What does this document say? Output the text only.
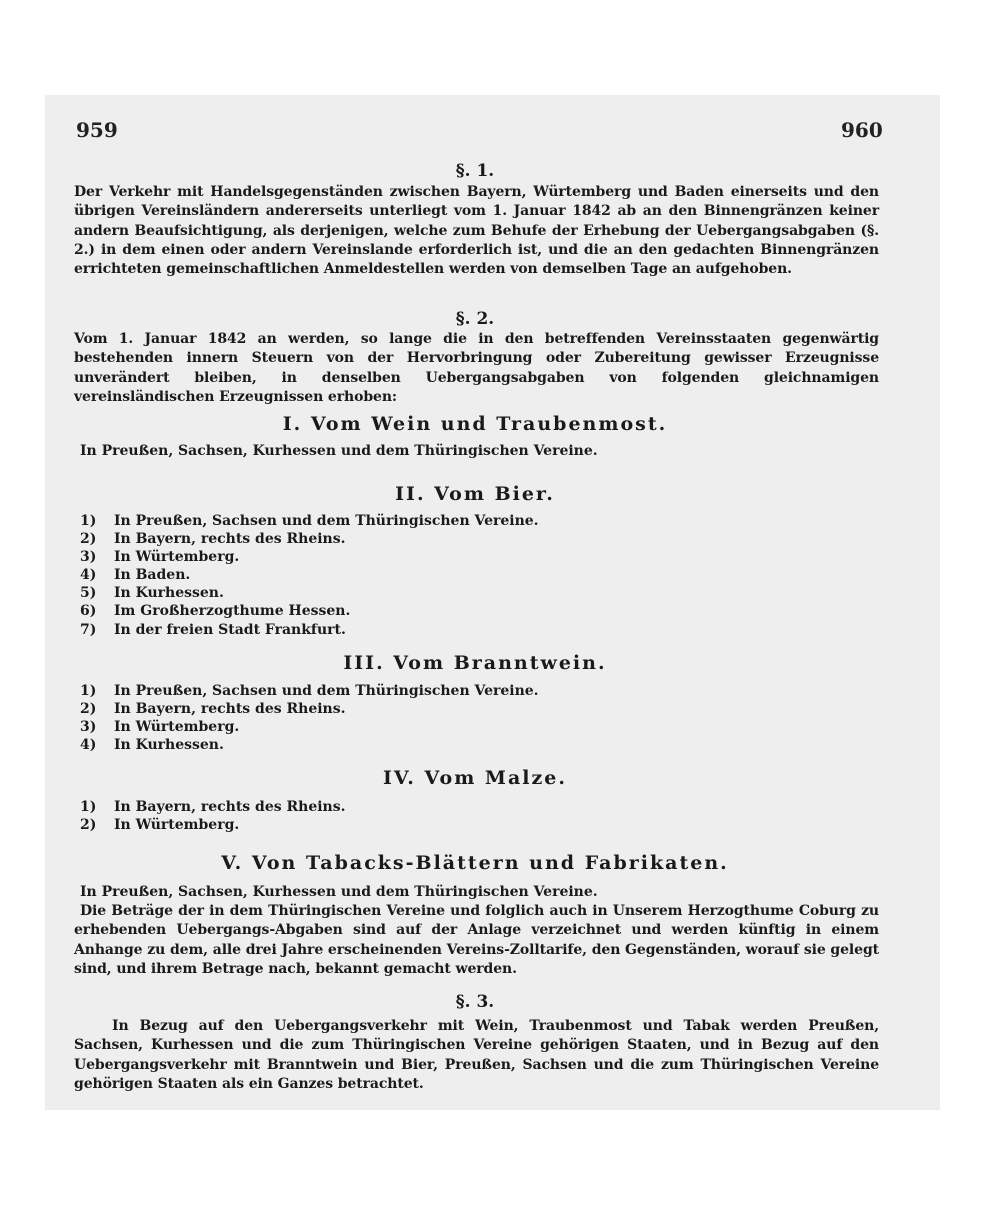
959	960
§. 1.
Der Verkehr mit Handelsgegenständen zwischen Bayern, Würtemberg und Baden einerseits und den übrigen Vereinsländern andererseits unterliegt vom 1. Januar 1842 ab an den Binnengränzen keiner andern Beaufsichtigung, als derjenigen, welche zum Behufe der Erhebung der Uebergangsabgaben (§. 2.) in dem einen oder andern Vereinslande erforderlich ist, und die an den gedachten Binnengränzen errichteten gemeinschaftlichen Anmeldestellen werden von demselben Tage an aufgehoben.
§. 2.
Vom 1. Januar 1842 an werden, so lange die in den betreffenden Vereinsstaaten gegenwärtig bestehenden innern Steuern von der Hervorbringung oder Zubereitung gewisser Erzeugnisse unverändert bleiben, in denselben Uebergangsabgaben von folgenden gleichnamigen vereinsländischen Erzeugnissen erhoben:
I. Vom Wein und Traubenmost.
In Preußen, Sachsen, Kurhessen und dem Thüringischen Vereine.
II. Vom Bier.
1) In Preußen, Sachsen und dem Thüringischen Vereine.
2) In Bayern, rechts des Rheins.
3) In Würtemberg.
4) In Baden.
5) In Kurhessen.
6) Im Großherzogthume Hessen.
7) In der freien Stadt Frankfurt.
III. Vom Branntwein.
1) In Preußen, Sachsen und dem Thüringischen Vereine.
2) In Bayern, rechts des Rheins.
3) In Würtemberg.
4) In Kurhessen.
IV. Vom Malze.
1) In Bayern, rechts des Rheins.
2) In Würtemberg.
V. Von Tabacks-Blättern und Fabrikaten.
In Preußen, Sachsen, Kurhessen und dem Thüringischen Vereine.
Die Beträge der in dem Thüringischen Vereine und folglich auch in Unserem Herzogthume Coburg zu erhebenden Uebergangs-Abgaben sind auf der Anlage verzeichnet und werden künftig in einem Anhange zu dem, alle drei Jahre erscheinenden Vereins-Zolltarife, den Gegenständen, worauf sie gelegt sind, und ihrem Betrage nach, bekannt gemacht werden.
§. 3.
In Bezug auf den Uebergangsverkehr mit Wein, Traubenmost und Tabak werden Preußen, Sachsen, Kurhessen und die zum Thüringischen Vereine gehörigen Staaten, und in Bezug auf den Uebergangsverkehr mit Branntwein und Bier, Preußen, Sachsen und die zum Thüringischen Vereine gehörigen Staaten als ein Ganzes betrachtet.
